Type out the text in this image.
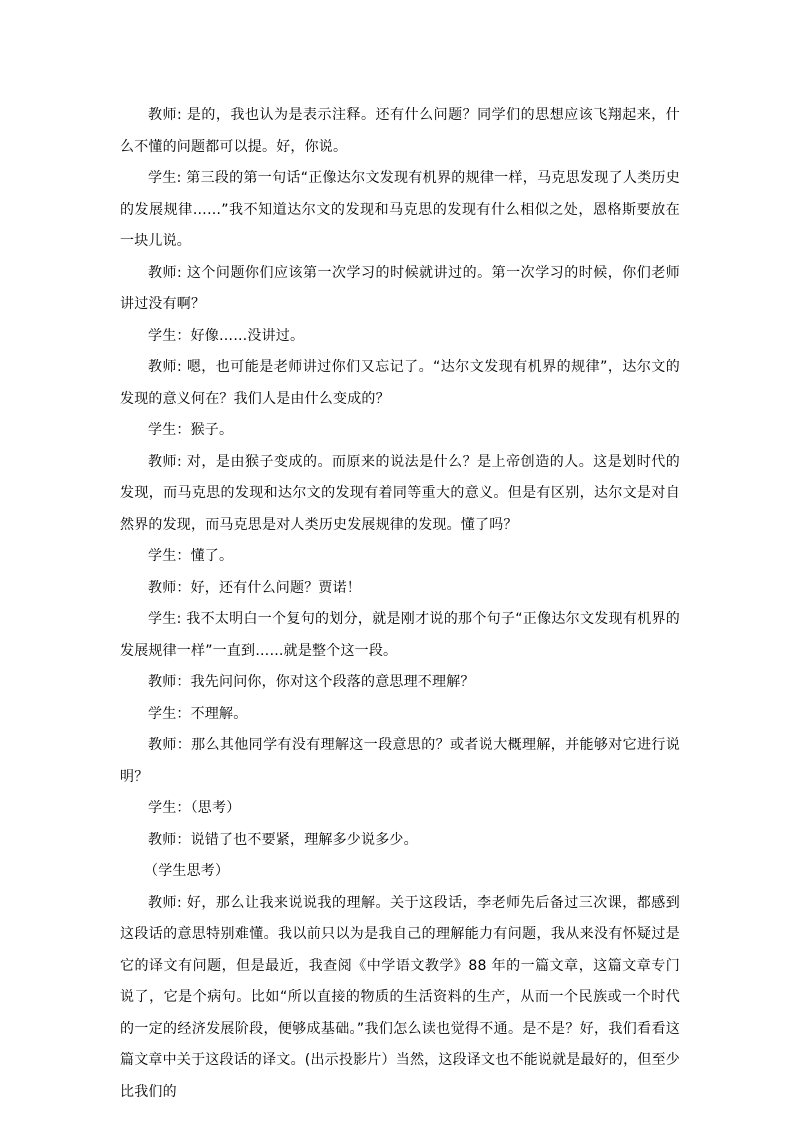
教师: 是的，我也认为是表示注释。还有什么问题？同学们的思想应该飞翔起来，什么不懂的问题都可以提。好，你说。

学生: 第三段的第一句话“正像达尔文发现有机界的规律一样，马克思发现了人类历史的发展规律……”我不知道达尔文的发现和马克思的发现有什么相似之处，恩格斯要放在一块儿说。

教师: 这个问题你们应该第一次学习的时候就讲过的。第一次学习的时候，你们老师讲过没有啊？

学生：好像……没讲过。

教师: 嗯，也可能是老师讲过你们又忘记了。“达尔文发现有机界的规律”，达尔文的发现的意义何在？我们人是由什么变成的？

学生：猴子。

教师: 对，是由猴子变成的。而原来的说法是什么？是上帝创造的人。这是划时代的发现，而马克思的发现和达尔文的发现有着同等重大的意义。但是有区别，达尔文是对自然界的发现，而马克思是对人类历史发展规律的发现。懂了吗？

学生：懂了。

教师：好，还有什么问题？贾诺！

学生: 我不太明白一个复句的划分，就是刚才说的那个句子“正像达尔文发现有机界的发展规律一样”一直到……就是整个这一段。

教师：我先问问你，你对这个段落的意思理不理解？

学生：不理解。

教师：那么其他同学有没有理解这一段意思的？或者说大概理解，并能够对它进行说明？

学生：（思考）

教师：说错了也不要紧，理解多少说多少。

（学生思考）

教师: 好，那么让我来说说我的理解。关于这段话，李老师先后备过三次课，都感到这段话的意思特别难懂。我以前只以为是我自己的理解能力有问题，我从来没有怀疑过是它的译文有问题，但是最近，我查阅《中学语文教学》88 年的一篇文章，这篇文章专门说了，它是个病句。比如“所以直接的物质的生活资料的生产，从而一个民族或一个时代的一定的经济发展阶段，便够成基础。”我们怎么读也觉得不通。是不是？好，我们看看这篇文章中关于这段话的译文。(出示投影片）当然，这段译文也不能说就是最好的，但至少比我们的
